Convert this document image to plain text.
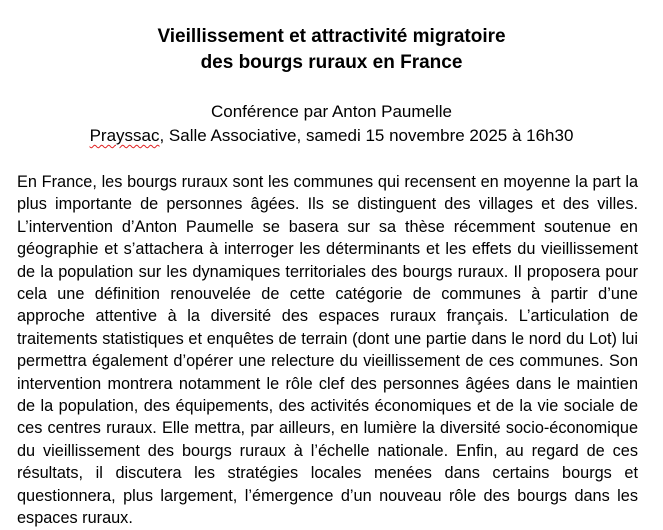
Vieillissement et attractivité migratoire
des bourgs ruraux en France
Conférence par Anton Paumelle
Prayssac, Salle Associative, samedi 15 novembre 2025 à 16h30
En France, les bourgs ruraux sont les communes qui recensent en moyenne la part la plus importante de personnes âgées. Ils se distinguent des villages et des villes. L’intervention d’Anton Paumelle se basera sur sa thèse récemment soutenue en géographie et s’attachera à interroger les déterminants et les effets du vieillissement de la population sur les dynamiques territoriales des bourgs ruraux. Il proposera pour cela une définition renouvelée de cette catégorie de communes à partir d’une approche attentive à la diversité des espaces ruraux français. L’articulation de traitements statistiques et enquêtes de terrain (dont une partie dans le nord du Lot) lui permettra également d’opérer une relecture du vieillissement de ces communes. Son intervention montrera notamment le rôle clef des personnes âgées dans le maintien de la population, des équipements, des activités économiques et de la vie sociale de ces centres ruraux. Elle mettra, par ailleurs, en lumière la diversité socio-économique du vieillissement des bourgs ruraux à l’échelle nationale. Enfin, au regard de ces résultats, il discutera les stratégies locales menées dans certains bourgs et questionnera, plus largement, l’émergence d’un nouveau rôle des bourgs dans les espaces ruraux.
